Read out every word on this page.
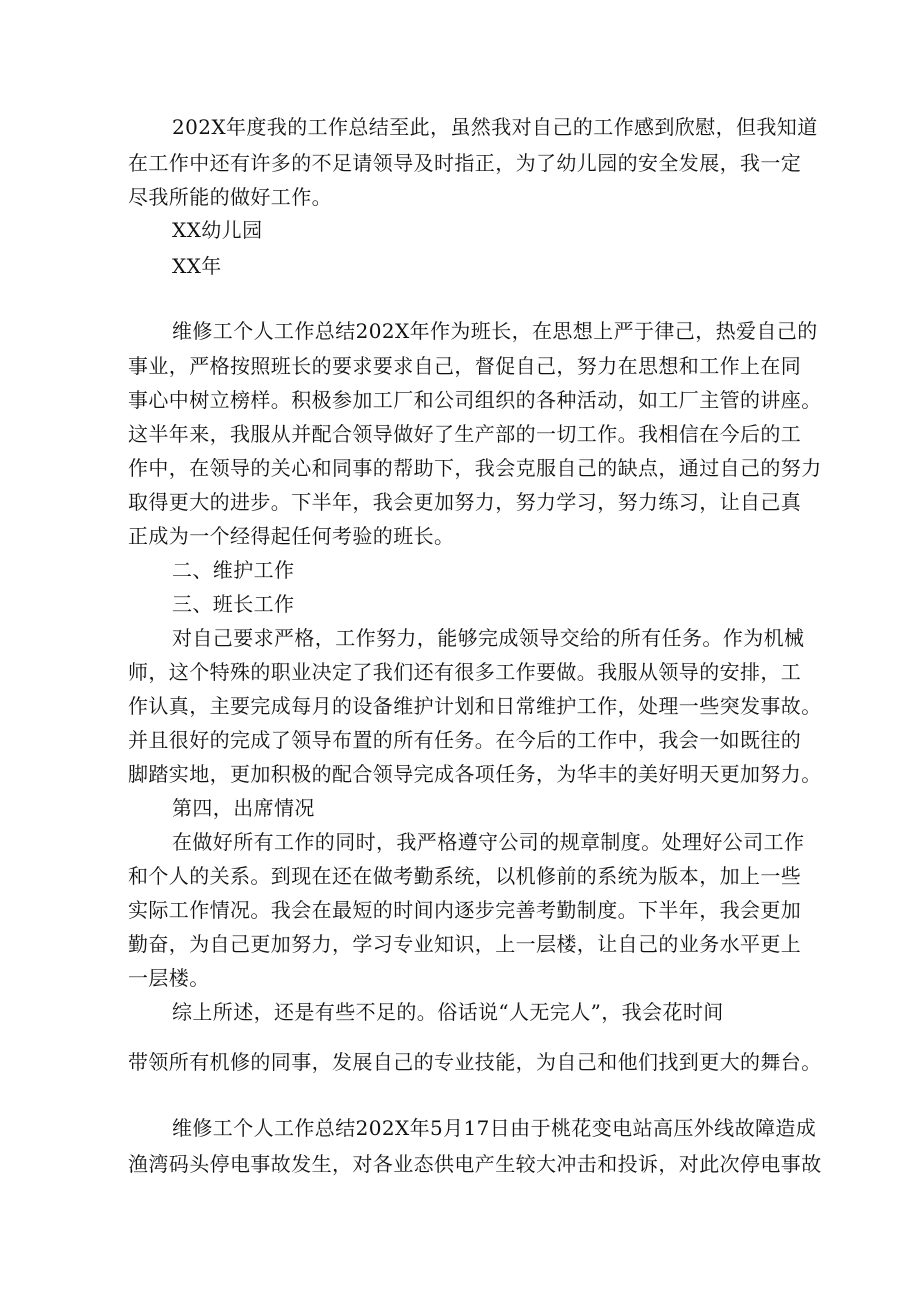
202X年度我的工作总结至此，虽然我对自己的工作感到欣慰，但我知道
在工作中还有许多的不足请领导及时指正，为了幼儿园的安全发展，我一定
尽我所能的做好工作。
XX幼儿园
XX年
维修工个人工作总结202X年作为班长，在思想上严于律己，热爱自己的
事业，严格按照班长的要求要求自己，督促自己，努力在思想和工作上在同
事心中树立榜样。积极参加工厂和公司组织的各种活动，如工厂主管的讲座。
这半年来，我服从并配合领导做好了生产部的一切工作。我相信在今后的工
作中，在领导的关心和同事的帮助下，我会克服自己的缺点，通过自己的努力
取得更大的进步。下半年，我会更加努力，努力学习，努力练习，让自己真
正成为一个经得起任何考验的班长。
二、维护工作
三、班长工作
对自己要求严格，工作努力，能够完成领导交给的所有任务。作为机械
师，这个特殊的职业决定了我们还有很多工作要做。我服从领导的安排，工
作认真，主要完成每月的设备维护计划和日常维护工作，处理一些突发事故。
并且很好的完成了领导布置的所有任务。在今后的工作中，我会一如既往的
脚踏实地，更加积极的配合领导完成各项任务，为华丰的美好明天更加努力。
第四，出席情况
在做好所有工作的同时，我严格遵守公司的规章制度。处理好公司工作
和个人的关系。到现在还在做考勤系统，以机修前的系统为版本，加上一些
实际工作情况。我会在最短的时间内逐步完善考勤制度。下半年，我会更加
勤奋，为自己更加努力，学习专业知识，上一层楼，让自己的业务水平更上
一层楼。
综上所述，还是有些不足的。俗话说“人无完人”，我会花时间
带领所有机修的同事，发展自己的专业技能，为自己和他们找到更大的舞台。
维修工个人工作总结202X年5月17日由于桃花变电站高压外线故障造成
渔湾码头停电事故发生，对各业态供电产生较大冲击和投诉，对此次停电事故
